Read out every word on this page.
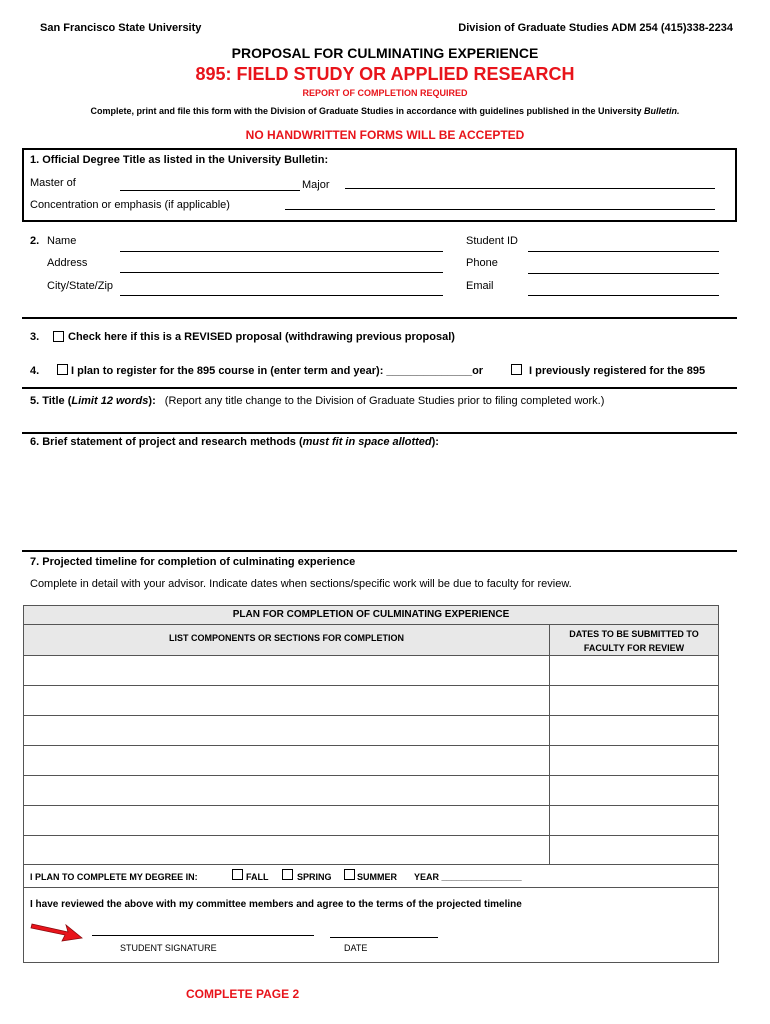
San Francisco State University	Division of Graduate Studies ADM 254 (415)338-2234
PROPOSAL FOR CULMINATING EXPERIENCE
895: FIELD STUDY OR APPLIED RESEARCH
REPORT OF COMPLETION REQUIRED
Complete, print and file this form with the Division of Graduate Studies in accordance with guidelines published in the University Bulletin.
NO HANDWRITTEN FORMS WILL BE ACCEPTED
1. Official Degree Title as listed in the University Bulletin:
Master of	Major
Concentration or emphasis (if applicable)
2. Name	Student ID
Address	Phone
City/State/Zip	Email
3.	Check here if this is a REVISED proposal (withdrawing previous proposal)
4.	I plan to register for the 895 course in (enter term and year): ______________or	I previously registered for the 895
5. Title (Limit 12 words): (Report any title change to the Division of Graduate Studies prior to filing completed work.)
6. Brief statement of project and research methods (must fit in space allotted):
7. Projected timeline for completion of culminating experience
Complete in detail with your advisor. Indicate dates when sections/specific work will be due to faculty for review.
PLAN FOR COMPLETION OF CULMINATING EXPERIENCE
LIST COMPONENTS OR SECTIONS FOR COMPLETION	DATES TO BE SUBMITTED TO
FACULTY FOR REVIEW
I PLAN TO COMPLETE MY DEGREE IN:	FALL	SPRING	SUMMER YEAR ________________
I have reviewed the above with my committee members and agree to the terms of the projected timeline
STUDENT SIGNATURE	DATE
COMPLETE PAGE 2
